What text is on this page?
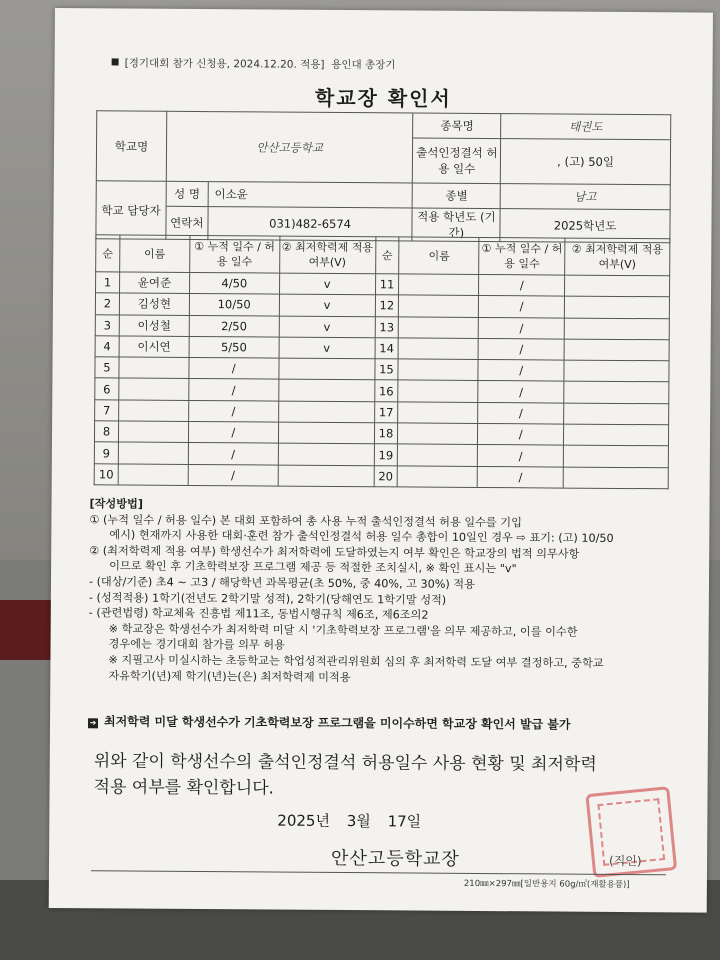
[경기대회 참가 신청용, 2024.12.20. 적용] 용인대 총장기
학교장 확인서
학교명	안산고등학교		종목명	태권도
			출석인정결석 허용 일수	, (고) 50일
학교 담당자	성 명	이소윤	종별	남고
	연락처	031)482-6574	적용 학년도 (기간)	2025학년도
순	이름	① 누적 일수 / 허용 일수	② 최저학력제 적용 여부(V)	순	이름	① 누적 일수 / 허용 일수	② 최저학력제 적용 여부(V)
1	윤여준	4/50	v	11		/	
2	김성현	10/50	v	12		/	
3	이성철	2/50	v	13		/	
4	이시연	5/50	v	14		/	
5		/		15		/	
6		/		16		/	
7		/		17		/	
8		/		18		/	
9		/		19		/	
10		/		20		/	
[작성방법]
① (누적 일수 / 허용 일수) 본 대회 포함하여 총 사용 누적 출석인정결석 허용 일수를 기입
예시) 현재까지 사용한 대회·훈련 참가 출석인정결석 허용 일수 총합이 10일인 경우 ⇨ 표기: (고) 10/50
② (최저학력제 적용 여부) 학생선수가 최저학력에 도달하였는지 여부 확인은 학교장의 법적 의무사항
이므로 확인 후 기초학력보장 프로그램 제공 등 적절한 조치실시, ※ 확인 표시는 "v"
- (대상/기준) 초4 ~ 고3 / 해당학년 과목평균(초 50%, 중 40%, 고 30%) 적용
- (성적적용) 1학기(전년도 2학기말 성적), 2학기(당해연도 1학기말 성적)
- (관련법령) 학교체육 진흥법 제11조, 동법시행규칙 제6조, 제6조의2
※ 학교장은 학생선수가 최저학력 미달 시 '기초학력보장 프로그램'을 의무 제공하고, 이를 이수한
경우에는 경기대회 참가를 의무 허용
※ 지필고사 미실시하는 초등학교는 학업성적관리위원회 심의 후 최저학력 도달 여부 결정하고, 중학교
자유학기(년)제 학기(년)는(은) 최저학력제 미적용
➔ 최저학력 미달 학생선수가 기초학력보장 프로그램을 미이수하면 학교장 확인서 발급 불가
위와 같이 학생선수의 출석인정결석 허용일수 사용 현황 및 최저학력
적용 여부를 확인합니다.
2025년 3월 17일
안산고등학교장	(직인)
210㎜×297㎜[일반용지 60g/㎡(재활용품)]
